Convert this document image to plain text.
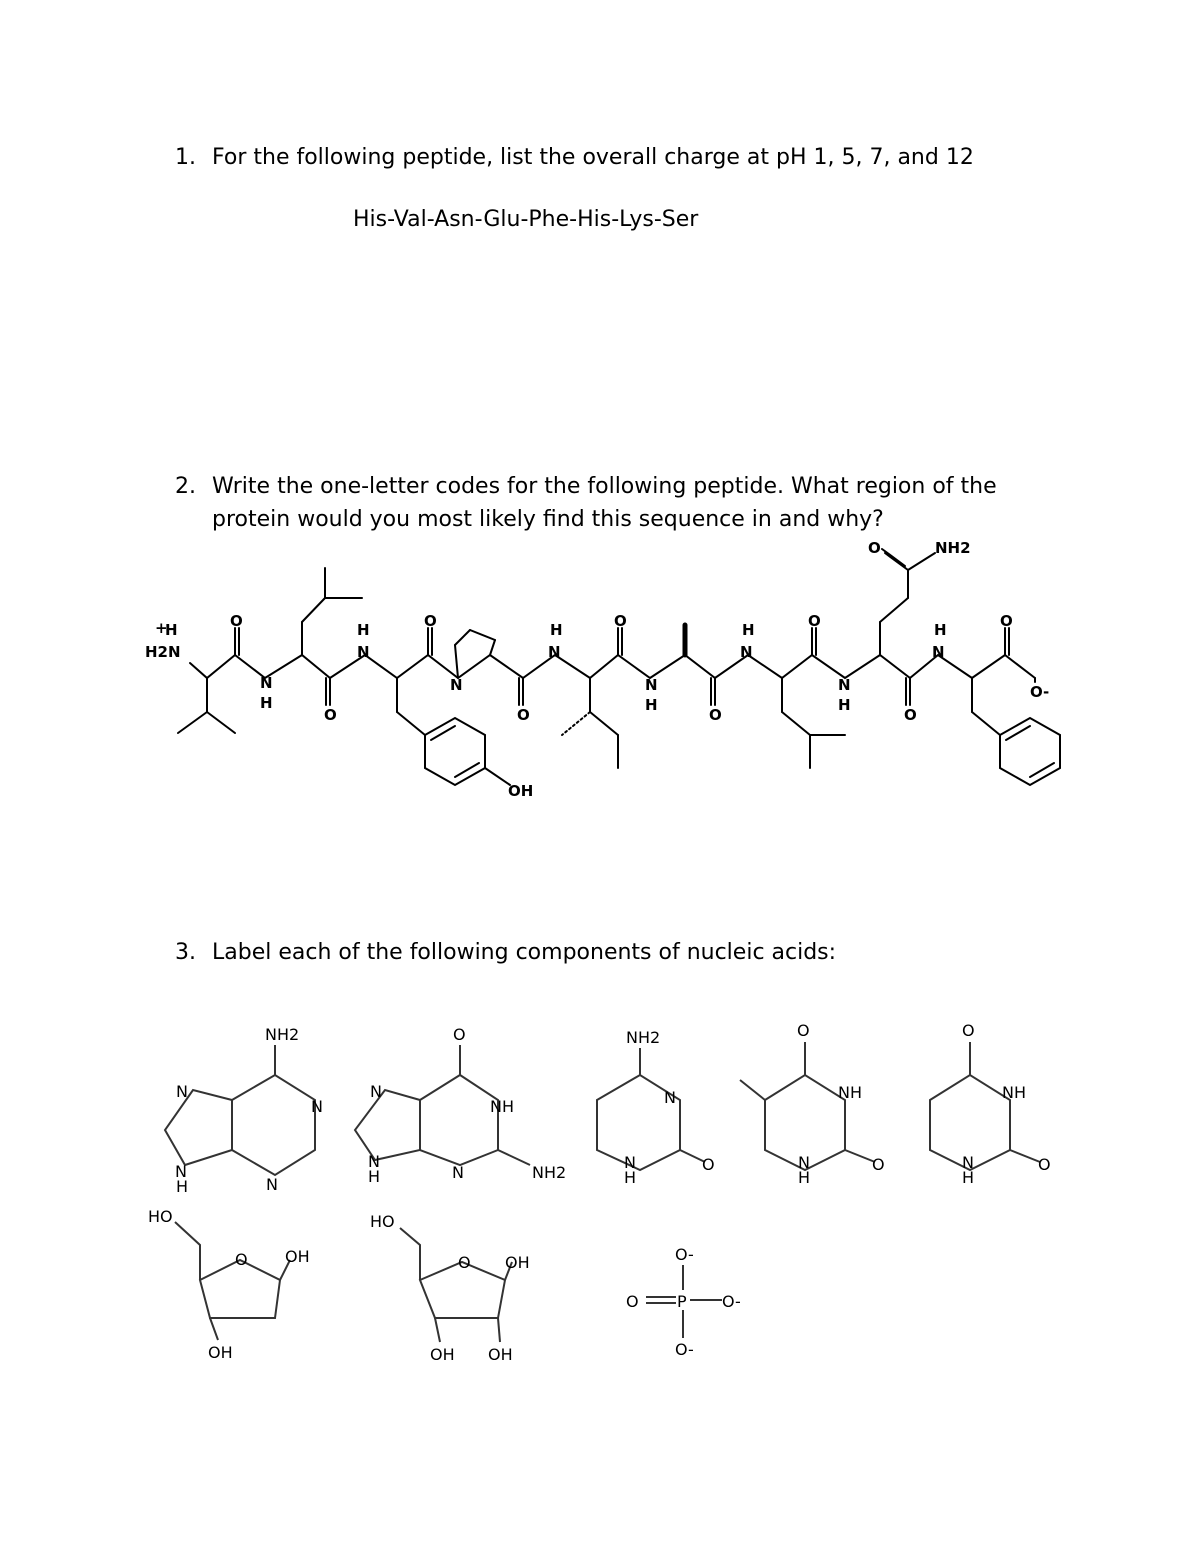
1. For the following peptide, list the overall charge at pH 1, 5, 7, and 12
His-Val-Asn-Glu-Phe-His-Lys-Ser
2. Write the one-letter codes for the following peptide. What region of the protein would you most likely find this sequence in and why?
3. Label each of the following components of nucleic acids:
+
H
H2N
O
N
H
O
H
N
O
N
OH
O
H
N
O
N
H
O
H
N
O
N
H
O
O	NH2
H
N
O
O-
NH2
N
N
N
N
H
O
N
NH
N
H	N	NH2
NH2
N
N
H
O
O
NH
N
H
O
O
NH
N
H
O
HO
O OH
OH
HO
O OH
OH OH
O-
O P O-
O-
